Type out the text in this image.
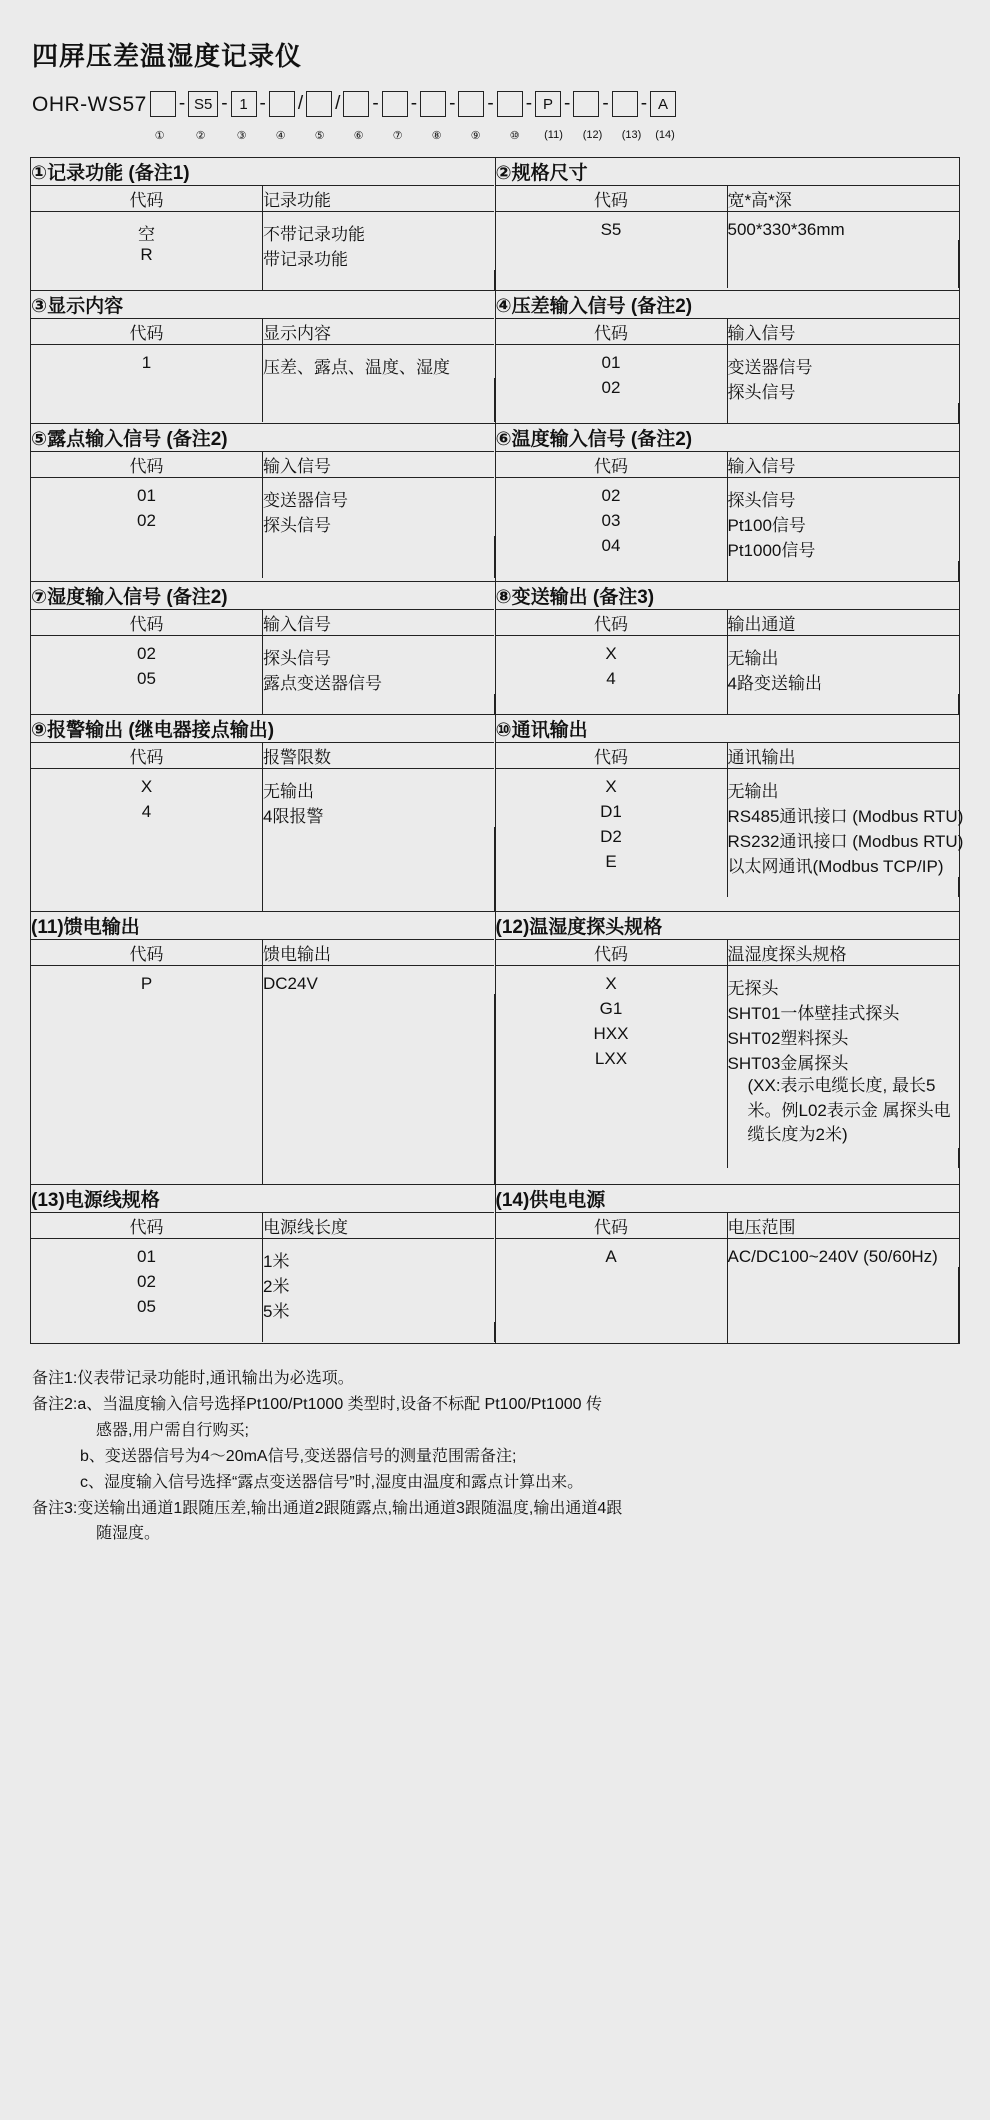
四屏压差温湿度记录仪
OHR-WS57 - S5 - 1 - / / - - - - - P - - - A
①	②	③	④	⑤	⑥	⑦	⑧	⑨	⑩	(11)	(12)	(13)	(14)
①记录功能 (备注1)
代码	记录功能
空	不带记录功能
R	带记录功能

②规格尺寸
代码	宽*高*深
S5	500*330*36mm

③显示内容
代码	显示内容
1	压差、露点、温度、湿度

④压差输入信号 (备注2)
代码	输入信号
01	变送器信号
02	探头信号

⑤露点输入信号 (备注2)
代码	输入信号
01	变送器信号
02	探头信号

⑥温度输入信号 (备注2)
代码	输入信号
02	探头信号
03	Pt100信号
04	Pt1000信号

⑦湿度输入信号 (备注2)
代码	输入信号
02	探头信号
05	露点变送器信号

⑧变送输出 (备注3)
代码	输出通道
X	无输出
4	4路变送输出

⑨报警输出 (继电器接点输出)
代码	报警限数
X	无输出
4	4限报警

⑩通讯输出
代码	通讯输出
X	无输出
D1	RS485通讯接口 (Modbus RTU)
D2	RS232通讯接口 (Modbus RTU)
E	以太网通讯(Modbus TCP/IP)

(11)馈电输出
代码	馈电输出
P	DC24V

(12)温湿度探头规格
代码	温湿度探头规格
X	无探头
G1	SHT01一体壁挂式探头
HXX	SHT02塑料探头
LXX	SHT03金属探头
	(XX:表示电缆长度, 最长5米。例L02表示金 属探头电缆长度为2米)

(13)电源线规格
代码	电源线长度
01	1米
02	2米
05	5米

(14)供电电源
代码	电压范围
A	AC/DC100~240V (50/60Hz)

备注1:仪表带记录功能时,通讯输出为必选项。
备注2:a、当温度输入信号选择Pt100/Pt1000 类型时,设备不标配 Pt100/Pt1000 传
感器,用户需自行购买;
b、变送器信号为4～20mA信号,变送器信号的测量范围需备注;
c、湿度输入信号选择“露点变送器信号”时,湿度由温度和露点计算出来。
备注3:变送输出通道1跟随压差,输出通道2跟随露点,输出通道3跟随温度,输出通道4跟
随湿度。
